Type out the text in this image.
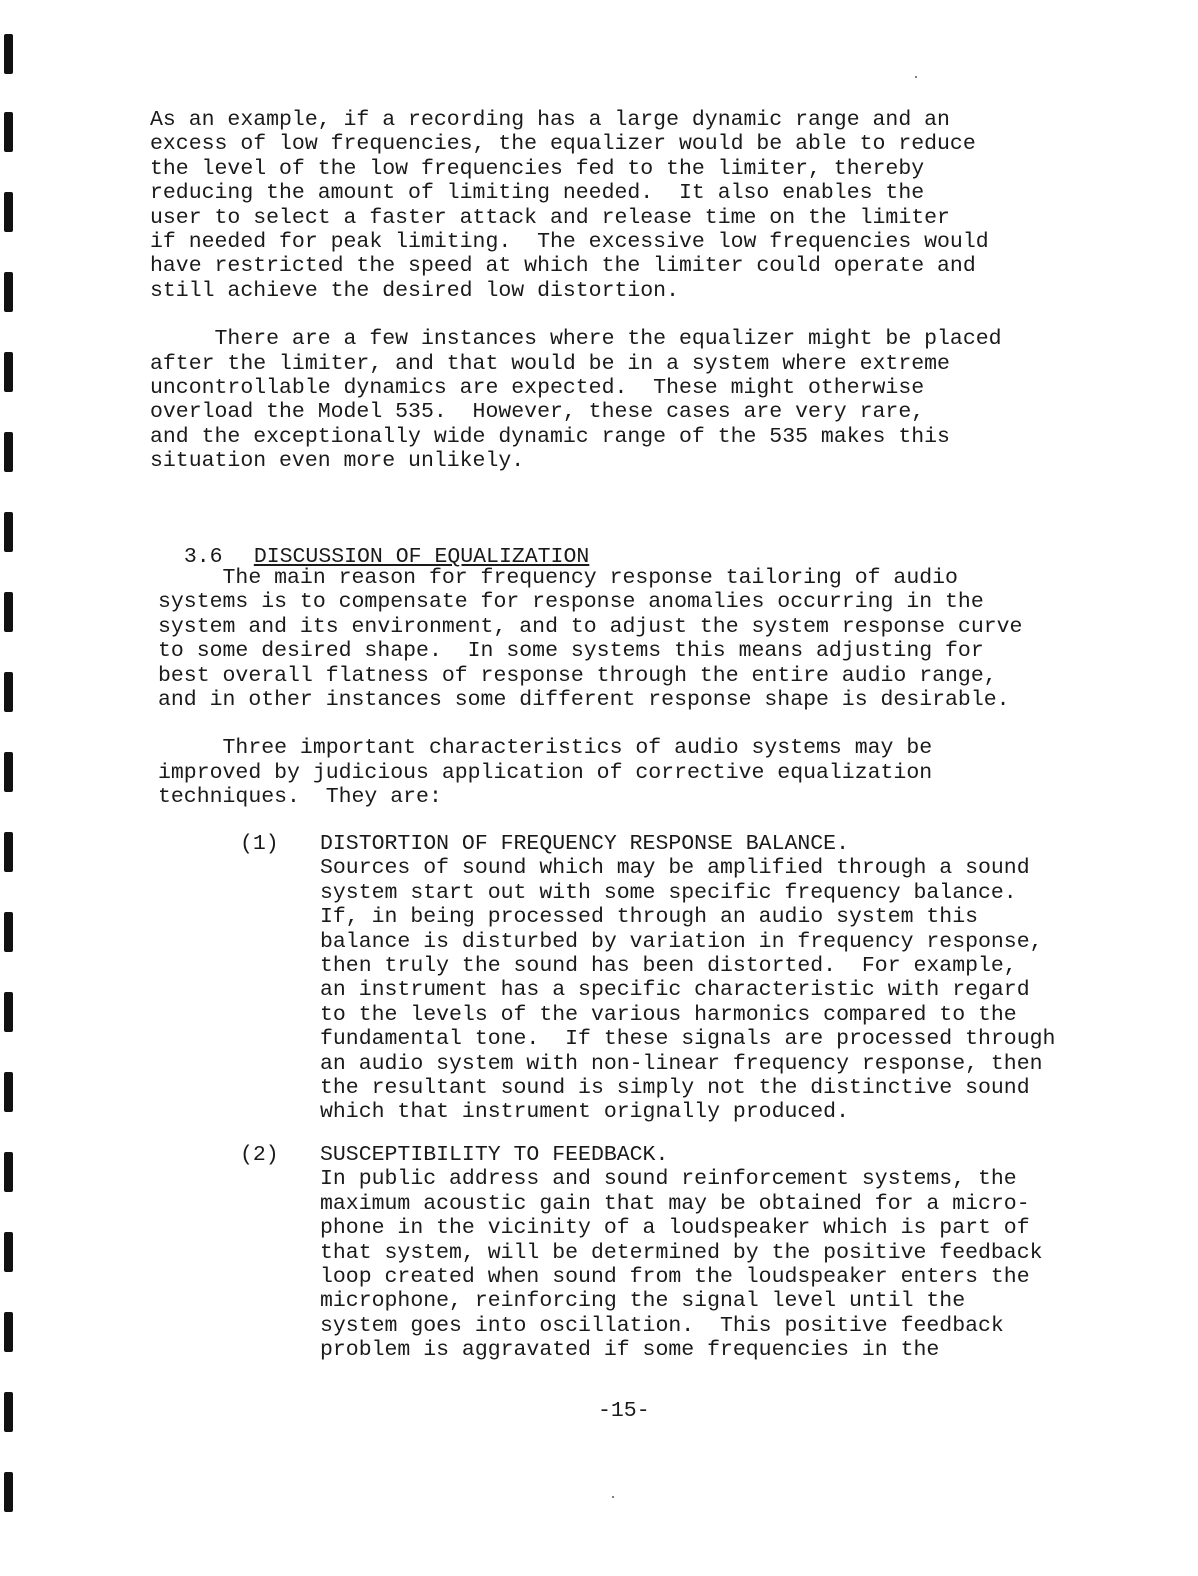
As an example, if a recording has a large dynamic range and an
excess of low frequencies, the equalizer would be able to reduce
the level of the low frequencies fed to the limiter, thereby
reducing the amount of limiting needed.  It also enables the
user to select a faster attack and release time on the limiter
if needed for peak limiting.  The excessive low frequencies would
have restricted the speed at which the limiter could operate and
still achieve the desired low distortion.
There are a few instances where the equalizer might be placed
after the limiter, and that would be in a system where extreme
uncontrollable dynamics are expected.  These might otherwise
overload the Model 535.  However, these cases are very rare,
and the exceptionally wide dynamic range of the 535 makes this
situation even more unlikely.

3.6 DISCUSSION OF EQUALIZATION

The main reason for frequency response tailoring of audio
systems is to compensate for response anomalies occurring in the
system and its environment, and to adjust the system response curve
to some desired shape.  In some systems this means adjusting for
best overall flatness of response through the entire audio range,
and in other instances some different response shape is desirable.
Three important characteristics of audio systems may be
improved by judicious application of corrective equalization
techniques.  They are:
(1) DISTORTION OF FREQUENCY RESPONSE BALANCE.
Sources of sound which may be amplified through a sound
system start out with some specific frequency balance.
If, in being processed through an audio system this
balance is disturbed by variation in frequency response,
then truly the sound has been distorted.  For example,
an instrument has a specific characteristic with regard
to the levels of the various harmonics compared to the
fundamental tone.  If these signals are processed through
an audio system with non-linear frequency response, then
the resultant sound is simply not the distinctive sound
which that instrument orignally produced.
(2) SUSCEPTIBILITY TO FEEDBACK.
In public address and sound reinforcement systems, the
maximum acoustic gain that may be obtained for a micro-
phone in the vicinity of a loudspeaker which is part of
that system, will be determined by the positive feedback
loop created when sound from the loudspeaker enters the
microphone, reinforcing the signal level until the
system goes into oscillation.  This positive feedback
problem is aggravated if some frequencies in the
-15-
